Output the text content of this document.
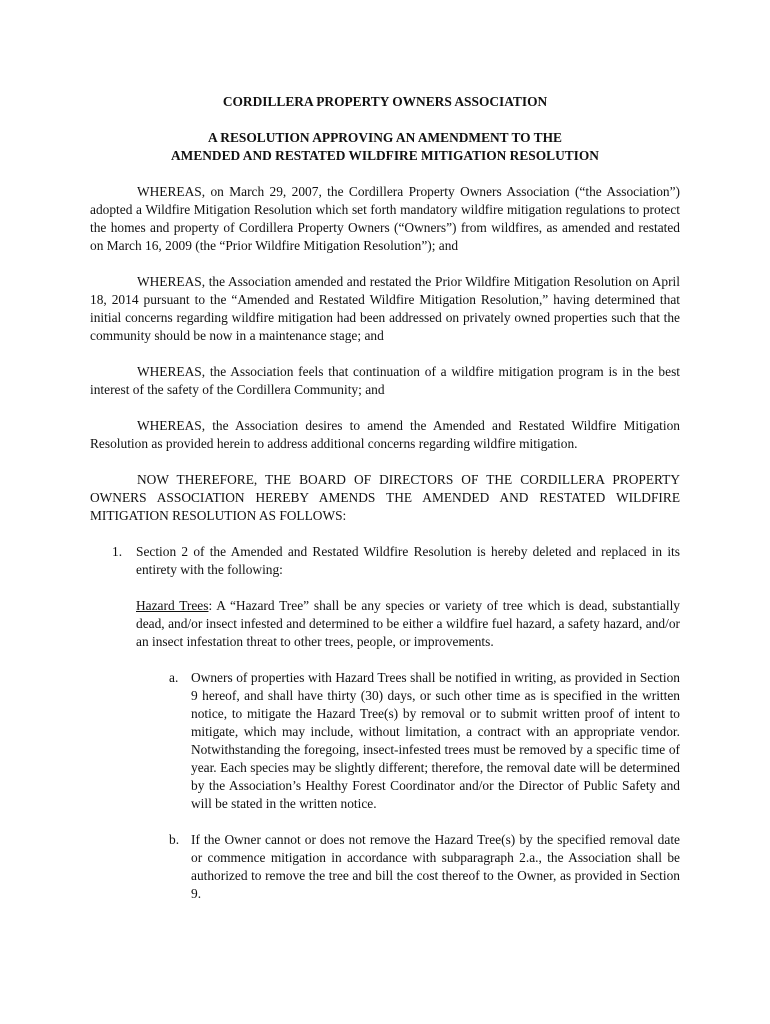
CORDILLERA PROPERTY OWNERS ASSOCIATION

A RESOLUTION APPROVING AN AMENDMENT TO THE

AMENDED AND RESTATED WILDFIRE MITIGATION RESOLUTION

WHEREAS, on March 29, 2007, the Cordillera Property Owners Association (“the Association”) adopted a Wildfire Mitigation Resolution which set forth mandatory wildfire mitigation regulations to protect the homes and property of Cordillera Property Owners (“Owners”) from wildfires, as amended and restated on March 16, 2009 (the “Prior Wildfire Mitigation Resolution”); and

WHEREAS, the Association amended and restated the Prior Wildfire Mitigation Resolution on April 18, 2014 pursuant to the “Amended and Restated Wildfire Mitigation Resolution,” having determined that initial concerns regarding wildfire mitigation had been addressed on privately owned properties such that the community should be now in a maintenance stage; and

WHEREAS, the Association feels that continuation of a wildfire mitigation program is in the best interest of the safety of the Cordillera Community; and

WHEREAS, the Association desires to amend the Amended and Restated Wildfire Mitigation Resolution as provided herein to address additional concerns regarding wildfire mitigation.

NOW THEREFORE, THE BOARD OF DIRECTORS OF THE CORDILLERA PROPERTY OWNERS ASSOCIATION HEREBY AMENDS THE AMENDED AND RESTATED WILDFIRE MITIGATION RESOLUTION AS FOLLOWS:

1. Section 2 of the Amended and Restated Wildfire Resolution is hereby deleted and replaced in its entirety with the following:
Hazard Trees: A “Hazard Tree” shall be any species or variety of tree which is dead, substantially dead, and/or insect infested and determined to be either a wildfire fuel hazard, a safety hazard, and/or an insect infestation threat to other trees, people, or improvements.
a. Owners of properties with Hazard Trees shall be notified in writing, as provided in Section 9 hereof, and shall have thirty (30) days, or such other time as is specified in the written notice, to mitigate the Hazard Tree(s) by removal or to submit written proof of intent to mitigate, which may include, without limitation, a contract with an appropriate vendor. Notwithstanding the foregoing, insect-infested trees must be removed by a specific time of year. Each species may be slightly different; therefore, the removal date will be determined by the Association’s Healthy Forest Coordinator and/or the Director of Public Safety and will be stated in the written notice.
b. If the Owner cannot or does not remove the Hazard Tree(s) by the specified removal date or commence mitigation in accordance with subparagraph 2.a., the Association shall be authorized to remove the tree and bill the cost thereof to the Owner, as provided in Section 9.
